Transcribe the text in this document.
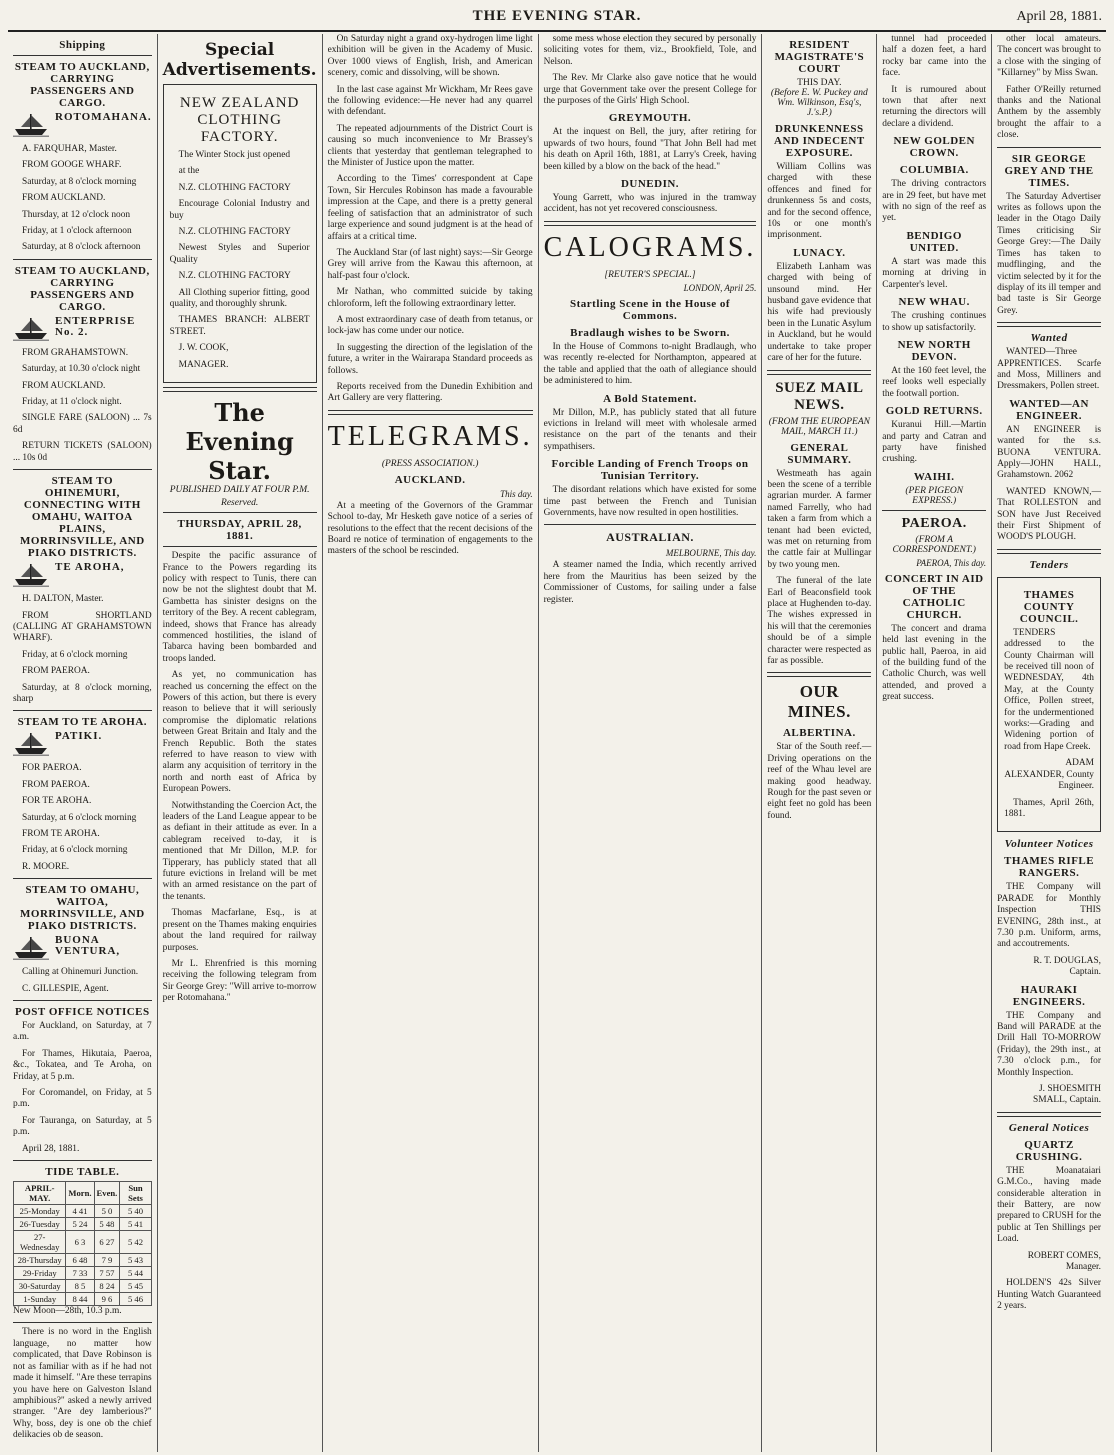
THE EVENING STAR.	April 28, 1881.
Shipping
STEAM TO AUCKLAND, CARRYING PASSENGERS AND CARGO.
ROTOMAHANA.

A. FARQUHAR, Master.

FROM GOOGE WHARF.

Saturday, at 8 o'clock morning

FROM AUCKLAND.

Thursday, at 12 o'clock noon

Friday, at 1 o'clock afternoon

Saturday, at 8 o'clock afternoon

STEAM TO AUCKLAND, CARRYING PASSENGERS AND CARGO.
ENTERPRISE No. 2.

FROM GRAHAMSTOWN.

Saturday, at 10.30 o'clock night

FROM AUCKLAND.

Friday, at 11 o'clock night.

SINGLE FARE (SALOON) ... 7s 6d

RETURN TICKETS (SALOON) ... 10s 0d

STEAM TO OHINEMURI, CONNECTING WITH OMAHU, WAITOA PLAINS, MORRINSVILLE, AND PIAKO DISTRICTS.
TE AROHA,

H. DALTON, Master.

FROM SHORTLAND (CALLING AT GRAHAMSTOWN WHARF).

Friday, at 6 o'clock morning

FROM PAEROA.

Saturday, at 8 o'clock morning, sharp

STEAM TO TE AROHA.
PATIKI.

FOR PAEROA.

FROM PAEROA.

FOR TE AROHA.

Saturday, at 6 o'clock morning

FROM TE AROHA.

Friday, at 6 o'clock morning

R. MOORE.

STEAM TO OMAHU, WAITOA, MORRINSVILLE, AND PIAKO DISTRICTS.
BUONA VENTURA,

Calling at Ohinemuri Junction.

C. GILLESPIE, Agent.

POST OFFICE NOTICES

For Auckland, on Saturday, at 7 a.m.

For Thames, Hikutaia, Paeroa, &c., Tokatea, and Te Aroha, on Friday, at 5 p.m.

For Coromandel, on Friday, at 5 p.m.

For Tauranga, on Saturday, at 5 p.m.

April 28, 1881.

TIDE TABLE.
APRIL-MAY.	Morn.	Even.	Sun Sets
25-Monday	4 41	5 0	5 40
26-Tuesday	5 24	5 48	5 41
27-Wednesday	6 3	6 27	5 42
28-Thursday	6 48	7 9	5 43
29-Friday	7 33	7 57	5 44
30-Saturday	8 5	8 24	5 45
1-Sunday	8 44	9 6	5 46

New Moon—28th, 10.3 p.m.

There is no word in the English language, no matter how complicated, that Dave Robinson is not as familiar with as if he had not made it himself. "Are these terrapins you have here on Galveston Island amphibious?" asked a newly arrived stranger. "Are dey lamberious?" Why, boss, dey is one ob the chief delikacies ob de season.

Special Advertisements.
NEW ZEALAND CLOTHING FACTORY.

The Winter Stock just opened

at the

N.Z. CLOTHING FACTORY

Encourage Colonial Industry and buy

N.Z. CLOTHING FACTORY

Newest Styles and Superior Quality

N.Z. CLOTHING FACTORY

All Clothing superior fitting, good quality, and thoroughly shrunk.

THAMES BRANCH: ALBERT STREET.

J. W. COOK,

MANAGER.

The Evening Star.
PUBLISHED DAILY AT FOUR P.M.
Reserved.
THURSDAY, APRIL 28, 1881.

Despite the pacific assurance of France to the Powers regarding its policy with respect to Tunis, there can now be not the slightest doubt that M. Gambetta has sinister designs on the territory of the Bey. A recent cablegram, indeed, shows that France has already commenced hostilities, the island of Tabarca having been bombarded and troops landed.

As yet, no communication has reached us concerning the effect on the Powers of this action, but there is every reason to believe that it will seriously compromise the diplomatic relations between Great Britain and Italy and the French Republic. Both the states referred to have reason to view with alarm any acquisition of territory in the north and north east of Africa by European Powers.

Notwithstanding the Coercion Act, the leaders of the Land League appear to be as defiant in their attitude as ever. In a cablegram received to-day, it is mentioned that Mr Dillon, M.P. for Tipperary, has publicly stated that all future evictions in Ireland will be met with an armed resistance on the part of the tenants.

Thomas Macfarlane, Esq., is at present on the Thames making enquiries about the land required for railway purposes.

Mr L. Ehrenfried is this morning receiving the following telegram from Sir George Grey: "Will arrive to-morrow per Rotomahana."

On Saturday night a grand oxy-hydrogen lime light exhibition will be given in the Academy of Music. Over 1000 views of English, Irish, and American scenery, comic and dissolving, will be shown.

In the last case against Mr Wickham, Mr Rees gave the following evidence:—He never had any quarrel with defendant.

The repeated adjournments of the District Court is causing so much inconvenience to Mr Brassey's clients that yesterday that gentleman telegraphed to the Minister of Justice upon the matter.

According to the Times' correspondent at Cape Town, Sir Hercules Robinson has made a favourable impression at the Cape, and there is a pretty general feeling of satisfaction that an administrator of such large experience and sound judgment is at the head of affairs at a critical time.

The Auckland Star (of last night) says:—Sir George Grey will arrive from the Kawau this afternoon, at half-past four o'clock.

Mr Nathan, who committed suicide by taking chloroform, left the following extraordinary letter.

A most extraordinary case of death from tetanus, or lock-jaw has come under our notice.

In suggesting the direction of the legislation of the future, a writer in the Wairarapa Standard proceeds as follows.

Reports received from the Dunedin Exhibition and Art Gallery are very flattering.

TELEGRAMS.
(PRESS ASSOCIATION.)
AUCKLAND.
This day.

At a meeting of the Governors of the Grammar School to-day, Mr Hesketh gave notice of a series of resolutions to the effect that the recent decisions of the Board re notice of termination of engagements to the masters of the school be rescinded.

some mess whose election they secured by personally soliciting votes for them, viz., Brookfield, Tole, and Nelson.

The Rev. Mr Clarke also gave notice that he would urge that Government take over the present College for the purposes of the Girls' High School.

GREYMOUTH.

At the inquest on Bell, the jury, after retiring for upwards of two hours, found "That John Bell had met his death on April 16th, 1881, at Larry's Creek, having been killed by a blow on the back of the head."

DUNEDIN.

Young Garrett, who was injured in the tramway accident, has not yet recovered consciousness.

CALOGRAMS.
[REUTER'S SPECIAL.]
LONDON, April 25.
Startling Scene in the House of Commons.
Bradlaugh wishes to be Sworn.

In the House of Commons to-night Bradlaugh, who was recently re-elected for Northampton, appeared at the table and applied that the oath of allegiance should be administered to him.

A Bold Statement.

Mr Dillon, M.P., has publicly stated that all future evictions in Ireland will meet with wholesale armed resistance on the part of the tenants and their sympathisers.

Forcible Landing of French Troops on Tunisian Territory.

The disordant relations which have existed for some time past between the French and Tunisian Governments, have now resulted in open hostilities.

AUSTRALIAN.
MELBOURNE, This day.

A steamer named the India, which recently arrived here from the Mauritius has been seized by the Commissioner of Customs, for sailing under a false register.

RESIDENT MAGISTRATE'S COURT
THIS DAY.
(Before E. W. Puckey and Wm. Wilkinson, Esq's, J.'s.P.)
DRUNKENNESS AND INDECENT EXPOSURE.

William Collins was charged with these offences and fined for drunkenness 5s and costs, and for the second offence, 10s or one month's imprisonment.

LUNACY.

Elizabeth Lanham was charged with being of unsound mind. Her husband gave evidence that his wife had previously been in the Lunatic Asylum in Auckland, but he would undertake to take proper care of her for the future.

SUEZ MAIL NEWS.
(FROM THE EUROPEAN MAIL, MARCH 11.)
GENERAL SUMMARY.

Westmeath has again been the scene of a terrible agrarian murder. A farmer named Farrelly, who had taken a farm from which a tenant had been evicted, was met on returning from the cattle fair at Mullingar by two young men.

The funeral of the late Earl of Beaconsfield took place at Hughenden to-day. The wishes expressed in his will that the ceremonies should be of a simple character were respected as far as possible.

OUR MINES.
ALBERTINA.

Star of the South reef.—Driving operations on the reef of the Whau level are making good headway. Rough for the past seven or eight feet no gold has been found.

tunnel had proceeded half a dozen feet, a hard rocky bar came into the face.

It is rumoured about town that after next returning the directors will declare a dividend.

NEW GOLDEN CROWN.
COLUMBIA.

The driving contractors are in 29 feet, but have met with no sign of the reef as yet.

BENDIGO UNITED.

A start was made this morning at driving in Carpenter's level.

NEW WHAU.

The crushing continues to show up satisfactorily.

NEW NORTH DEVON.

At the 160 feet level, the reef looks well especially the footwall portion.

GOLD RETURNS.

Kuranui Hill.—Martin and party and Catran and party have finished crushing.

WAIHI.
(PER PIGEON EXPRESS.)
PAEROA.
(FROM A CORRESPONDENT.)
PAEROA, This day.
CONCERT IN AID OF THE CATHOLIC CHURCH.

The concert and drama held last evening in the public hall, Paeroa, in aid of the building fund of the Catholic Church, was well attended, and proved a great success.

other local amateurs. The concert was brought to a close with the singing of "Killarney" by Miss Swan.

Father O'Reilly returned thanks and the National Anthem by the assembly brought the affair to a close.

SIR GEORGE GREY AND THE TIMES.

The Saturday Advertiser writes as follows upon the leader in the Otago Daily Times criticising Sir George Grey:—The Daily Times has taken to mudflinging, and the victim selected by it for the display of its ill temper and bad taste is Sir George Grey.

Wanted

WANTED—Three APPRENTICES. Scarfe and Moss, Milliners and Dressmakers, Pollen street.

WANTED—AN ENGINEER.

AN ENGINEER is wanted for the s.s. BUONA VENTURA. Apply—JOHN HALL, Grahamstown. 2062

WANTED KNOWN,—That ROLLESTON and SON have Just Received their First Shipment of WOOD'S PLOUGH.

Tenders
THAMES COUNTY COUNCIL.

TENDERS addressed to the County Chairman will be received till noon of WEDNESDAY, 4th May, at the County Office, Pollen street, for the undermentioned works:—Grading and Widening portion of road from Hape Creek.

ADAM ALEXANDER, County Engineer.

Thames, April 26th, 1881.

Volunteer Notices
THAMES RIFLE RANGERS.

THE Company will PARADE for Monthly Inspection THIS EVENING, 28th inst., at 7.30 p.m. Uniform, arms, and accoutrements.

R. T. DOUGLAS, Captain.

HAURAKI ENGINEERS.

THE Company and Band will PARADE at the Drill Hall TO-MORROW (Friday), the 29th inst., at 7.30 o'clock p.m., for Monthly Inspection.

J. SHOESMITH SMALL, Captain.

General Notices
QUARTZ CRUSHING.

THE Moanataiari G.M.Co., having made considerable alteration in their Battery, are now prepared to CRUSH for the public at Ten Shillings per Load.

ROBERT COMES, Manager.

HOLDEN'S 42s Silver Hunting Watch Guaranteed 2 years.
